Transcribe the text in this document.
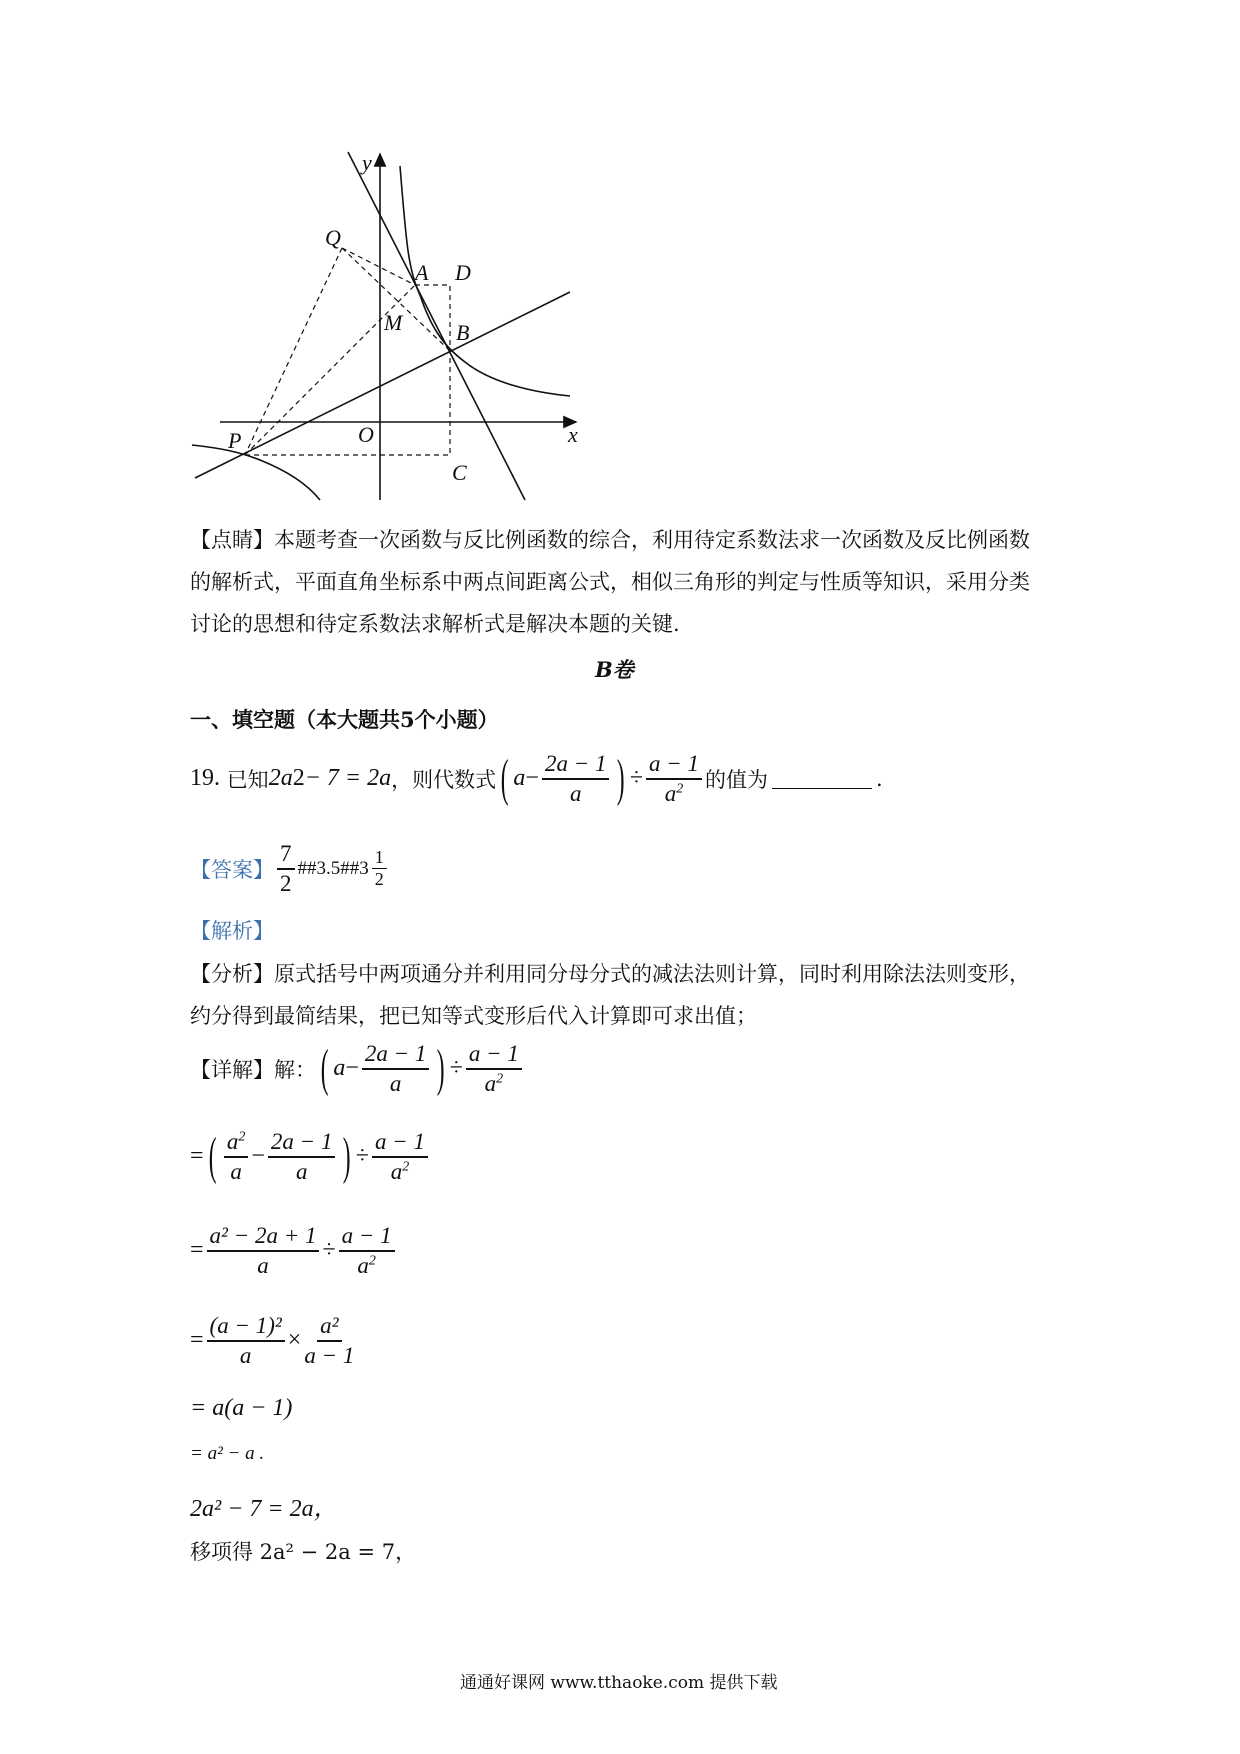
y
x
O
Q
A D
M B
P
C
【点睛】 本题考查一次函数与反比例函数的综合，利用待定系数法求一次函数及反比例函数
的解析式，平面直角坐标系中两点间距离公式，相似三角形的判定与性质等知识，采用分类
讨论的思想和待定系数法求解析式是解决本题的关键.
B卷
一、填空题（本大题共5个小题）
19.
已知 2a 2 − 7 = 2a ，则代数式 ( $a - \frac{2a - 1}{a}$ ) ÷ $\frac{a - 1}{a^2}$ 的值为	.
【答案】
7
2
##3.5##3
1
2
【解析】
【分析】 原式括号中两项通分并利用同分母分式的减法法则计算，同时利用除法法则变形，
约分得到最简结果，把已知等式变形后代入计算即可求出值；
【详解】解： ( $a - \frac{2a - 1}{a}$ ) ÷ $\frac{a - 1}{a^2}$
= ( $a^2$
a
− $\frac{2a - 1}{a}$ ) ÷ $\frac{a - 1}{a^2}$
= $\frac{\text{a² − 2a + 1}}{a} \div \frac{a - 1}{a^2}$
= $\frac{\text{(a − 1)²}}{a} \times \frac{\text{a²}}{a - 1}$
= a(a − 1)
= a² − a .
2a² − 7 = 2a，
移项得 2a² − 2a = 7，
通通好课网 www.tthaoke.com 提供下载
